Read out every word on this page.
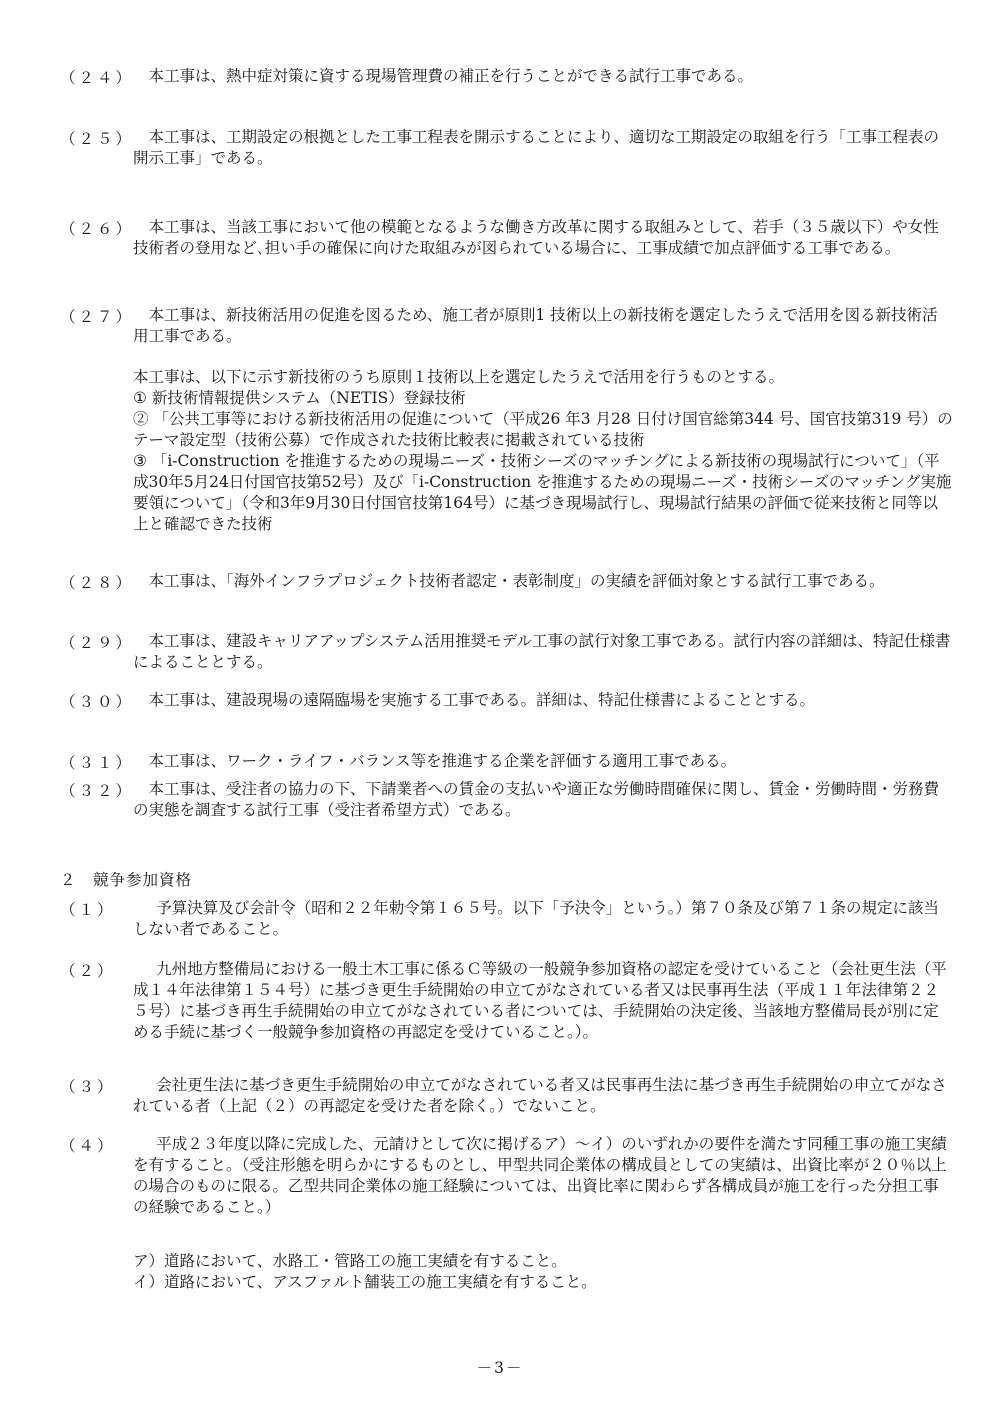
（２４） 本工事は、熱中症対策に資する現場管理費の補正を行うことができる試行工事である。
（２５） 本工事は、工期設定の根拠とした工事工程表を開示することにより、適切な工期設定の取組を行う「工事工程表の開示工事」である。
（２６） 本工事は、当該工事において他の模範となるような働き方改革に関する取組みとして、若手（３５歳以下）や女性技術者の登用など､担い手の確保に向けた取組みが図られている場合に、工事成績で加点評価する工事である。
（２７） 本工事は、新技術活用の促進を図るため、施工者が原則1 技術以上の新技術を選定したうえで活用を図る新技術活用工事である。
本工事は、以下に示す新技術のうち原則１技術以上を選定したうえで活用を行うものとする。
① 新技術情報提供システム（NETIS）登録技術
② 「公共工事等における新技術活用の促進について（平成26 年3 月28 日付け国官総第344 号、国官技第319 号）のテーマ設定型（技術公募）で作成された技術比較表に掲載されている技術
③ 「i-Construction を推進するための現場ニーズ・技術シーズのマッチングによる新技術の現場試行について」（平成30年5月24日付国官技第52号）及び「i-Construction を推進するための現場ニーズ・技術シーズのマッチング実施要領について」（令和3年9月30日付国官技第164号）に基づき現場試行し、現場試行結果の評価で従来技術と同等以上と確認できた技術
（２８） 本工事は、「海外インフラプロジェクト技術者認定・表彰制度」の実績を評価対象とする試行工事である。
（２９） 本工事は、建設キャリアアップシステム活用推奨モデル工事の試行対象工事である。試行内容の詳細は、特記仕様書によることとする。
（３０） 本工事は、建設現場の遠隔臨場を実施する工事である。詳細は、特記仕様書によることとする。
（３１） 本工事は、ワーク・ライフ・バランス等を推進する企業を評価する適用工事である。
（３２） 本工事は、受注者の協力の下、下請業者への賃金の支払いや適正な労働時間確保に関し、賃金・労働時間・労務費の実態を調査する試行工事（受注者希望方式）である。
２　競争参加資格
（１）	予算決算及び会計令（昭和２２年勅令第１６５号。以下「予決令」という。）第７０条及び第７１条の規定に該当しない者であること。
（２）	九州地方整備局における一般土木工事に係るＣ等級の一般競争参加資格の認定を受けていること（会社更生法（平成１４年法律第１５４号）に基づき更生手続開始の申立てがなされている者又は民事再生法（平成１１年法律第２２５号）に基づき再生手続開始の申立てがなされている者については、手続開始の決定後、当該地方整備局長が別に定める手続に基づく一般競争参加資格の再認定を受けていること。）。
（３）	会社更生法に基づき更生手続開始の申立てがなされている者又は民事再生法に基づき再生手続開始の申立てがなされている者（上記（２）の再認定を受けた者を除く。）でないこと。
（４）	平成２３年度以降に完成した、元請けとして次に掲げるア）～イ）のいずれかの要件を満たす同種工事の施工実績を有すること。（受注形態を明らかにするものとし、甲型共同企業体の構成員としての実績は、出資比率が２０％以上の場合のものに限る。乙型共同企業体の施工経験については、出資比率に関わらず各構成員が施工を行った分担工事の経験であること。）
ア）道路において、水路工・管路工の施工実績を有すること。
イ）道路において、アスファルト舗装工の施工実績を有すること。
－3－
